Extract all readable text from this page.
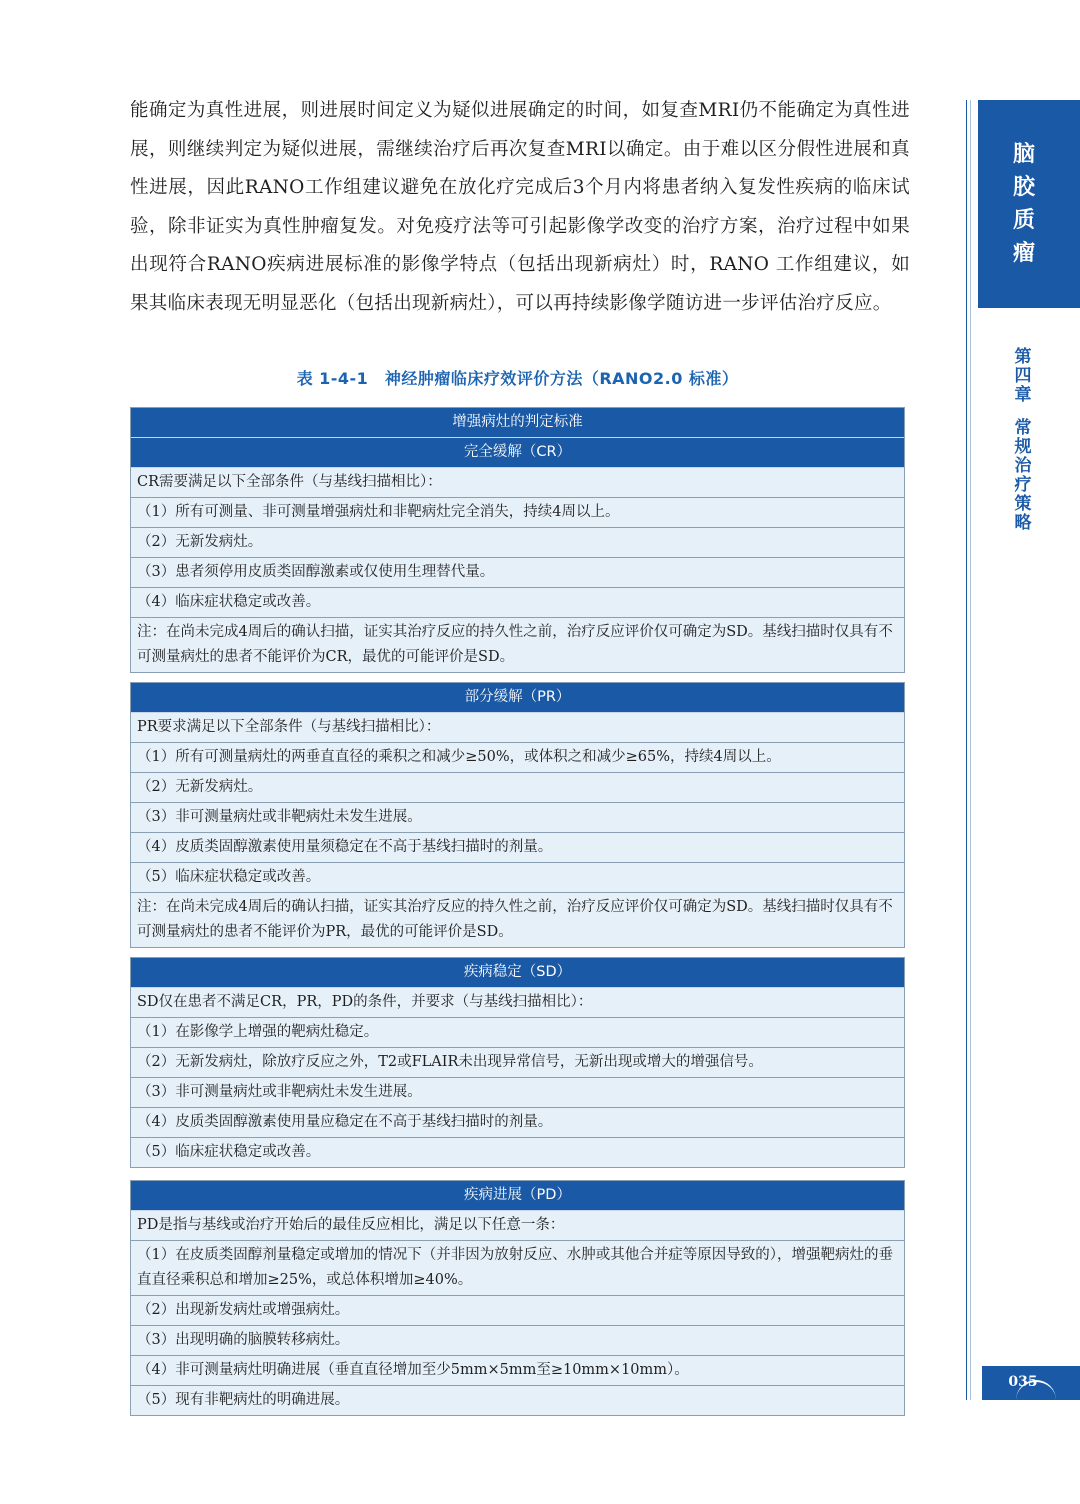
能确定为真性进展，则进展时间定义为疑似进展确定的时间，如复查MRI仍不能确定为真性进展，则继续判定为疑似进展，需继续治疗后再次复查MRI以确定。由于难以区分假性进展和真性进展，因此RANO工作组建议避免在放化疗完成后3个月内将患者纳入复发性疾病的临床试验，除非证实为真性肿瘤复发。对免疫疗法等可引起影像学改变的治疗方案，治疗过程中如果出现符合RANO疾病进展标准的影像学特点（包括出现新病灶）时，RANO 工作组建议，如果其临床表现无明显恶化（包括出现新病灶），可以再持续影像学随访进一步评估治疗反应。
表 1-4-1　神经肿瘤临床疗效评价方法（RANO2.0 标准）
增强病灶的判定标准
完全缓解（CR）
CR需要满足以下全部条件（与基线扫描相比）：
（1）所有可测量、非可测量增强病灶和非靶病灶完全消失，持续4周以上。
（2）无新发病灶。
（3）患者须停用皮质类固醇激素或仅使用生理替代量。
（4）临床症状稳定或改善。
注：在尚未完成4周后的确认扫描，证实其治疗反应的持久性之前，治疗反应评价仅可确定为SD。基线扫描时仅具有不可测量病灶的患者不能评价为CR，最优的可能评价是SD。
部分缓解（PR）
PR要求满足以下全部条件（与基线扫描相比）：
（1）所有可测量病灶的两垂直直径的乘积之和减少≥50%，或体积之和减少≥65%，持续4周以上。
（2）无新发病灶。
（3）非可测量病灶或非靶病灶未发生进展。
（4）皮质类固醇激素使用量须稳定在不高于基线扫描时的剂量。
（5）临床症状稳定或改善。
注：在尚未完成4周后的确认扫描，证实其治疗反应的持久性之前，治疗反应评价仅可确定为SD。基线扫描时仅具有不可测量病灶的患者不能评价为PR，最优的可能评价是SD。
疾病稳定（SD）
SD仅在患者不满足CR，PR，PD的条件，并要求（与基线扫描相比）：
（1）在影像学上增强的靶病灶稳定。
（2）无新发病灶，除放疗反应之外，T2或FLAIR未出现异常信号，无新出现或增大的增强信号。
（3）非可测量病灶或非靶病灶未发生进展。
（4）皮质类固醇激素使用量应稳定在不高于基线扫描时的剂量。
（5）临床症状稳定或改善。
疾病进展（PD）
PD是指与基线或治疗开始后的最佳反应相比，满足以下任意一条：
（1）在皮质类固醇剂量稳定或增加的情况下（并非因为放射反应、水肿或其他合并症等原因导致的），增强靶病灶的垂直直径乘积总和增加≥25%，或总体积增加≥40%。
（2）出现新发病灶或增强病灶。
（3）出现明确的脑膜转移病灶。
（4）非可测量病灶明确进展（垂直直径增加至少5mm×5mm至≥10mm×10mm）。
（5）现有非靶病灶的明确进展。
脑
胶
质
瘤
第
四
章
常
规
治
疗
策
略
035
